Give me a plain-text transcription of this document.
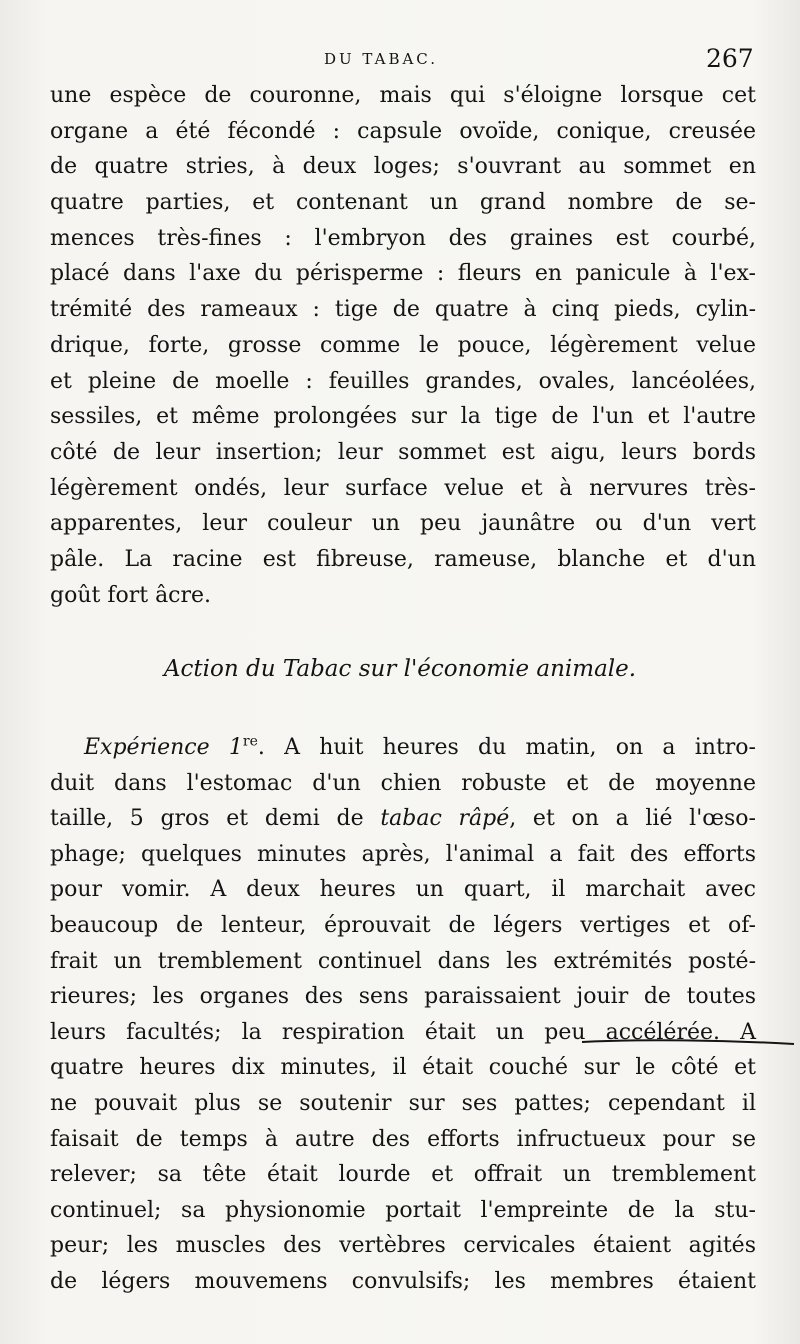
DU TABAC.	267
une espèce de couronne, mais qui s'éloigne lorsque cet
organe a été fécondé : capsule ovoïde, conique, creusée
de quatre stries, à deux loges; s'ouvrant au sommet en
quatre parties, et contenant un grand nombre de se-
mences très-fines : l'embryon des graines est courbé,
placé dans l'axe du périsperme : fleurs en panicule à l'ex-
trémité des rameaux : tige de quatre à cinq pieds, cylin-
drique, forte, grosse comme le pouce, légèrement velue
et pleine de moelle : feuilles grandes, ovales, lancéolées,
sessiles, et même prolongées sur la tige de l'un et l'autre
côté de leur insertion; leur sommet est aigu, leurs bords
légèrement ondés, leur surface velue et à nervures très-
apparentes, leur couleur un peu jaunâtre ou d'un vert
pâle. La racine est fibreuse, rameuse, blanche et d'un
goût fort âcre.
Action du Tabac sur l'économie animale.
Expérience 1re. A huit heures du matin, on a intro-
duit dans l'estomac d'un chien robuste et de moyenne
taille, 5 gros et demi de tabac râpé, et on a lié l'œso-
phage; quelques minutes après, l'animal a fait des efforts
pour vomir. A deux heures un quart, il marchait avec
beaucoup de lenteur, éprouvait de légers vertiges et of-
frait un tremblement continuel dans les extrémités posté-
rieures; les organes des sens paraissaient jouir de toutes
leurs facultés; la respiration était un peu accélérée. A
quatre heures dix minutes, il était couché sur le côté et
ne pouvait plus se soutenir sur ses pattes; cependant il
faisait de temps à autre des efforts infructueux pour se
relever; sa tête était lourde et offrait un tremblement
continuel; sa physionomie portait l'empreinte de la stu-
peur; les muscles des vertèbres cervicales étaient agités
de légers mouvemens convulsifs; les membres étaient
